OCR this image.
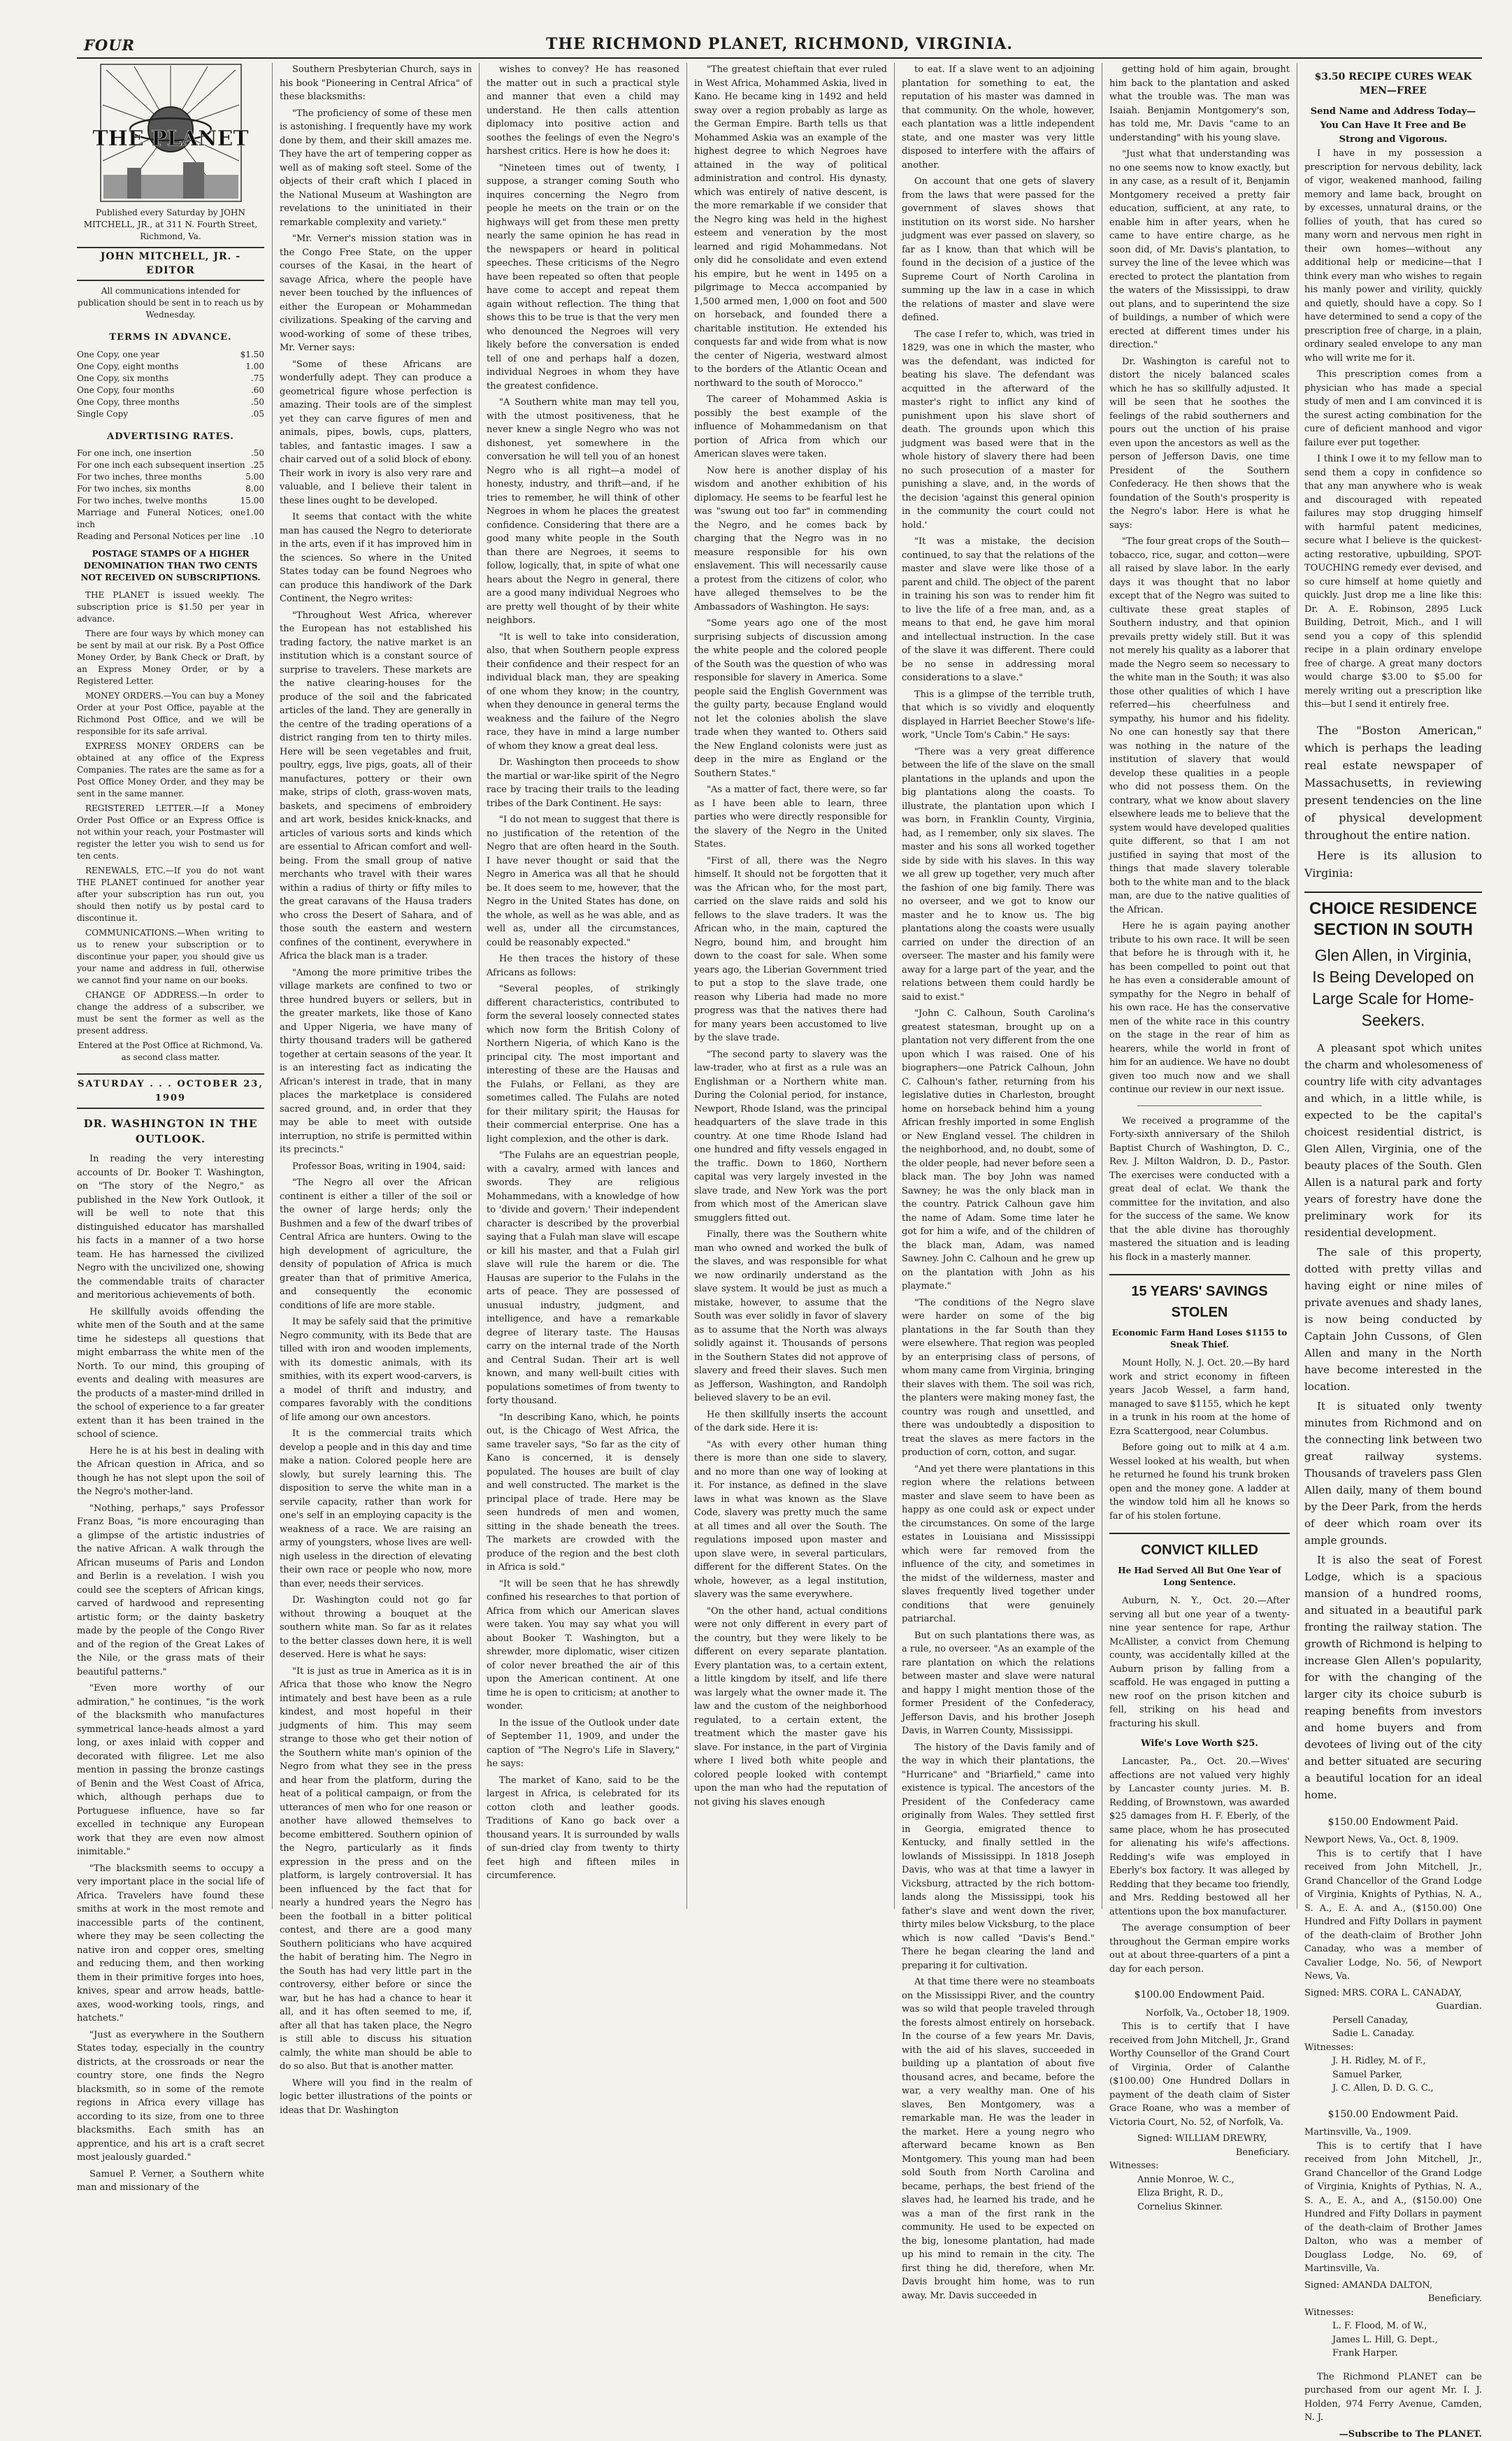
FOUR	THE RICHMOND PLANET, RICHMOND, VIRGINIA.
THE PLANET
Published every Saturday by JOHN MITCHELL, JR., at 311 N. Fourth Street, Richmond, Va.
JOHN MITCHELL, JR. - EDITOR
All communications intended for publication should be sent in to reach us by Wednesday.
TERMS IN ADVANCE.
One Copy, one year	$1.50
One Copy, eight months	1.00
One Copy, six months	.75
One Copy, four months	.60
One Copy, three months	.50
Single Copy	.05
ADVERTISING RATES.
For one inch, one insertion	.50
For one inch each subsequent insertion .25
For two inches, three months	5.00
For two inches, six months	8.00
For two inches, twelve months	15.00
Marriage and Funeral Notices, one inch
1.00
Reading and Personal Notices per line .10
POSTAGE STAMPS OF A HIGHER DENOMINATION THAN TWO CENTS NOT RECEIVED ON SUBSCRIPTIONS.

THE PLANET is issued weekly. The subscription price is $1.50 per year in advance.

There are four ways by which money can be sent by mail at our risk. By a Post Office Money Order, by Bank Check or Draft, by an Express Money Order, or by a Registered Letter.

MONEY ORDERS.—You can buy a Money Order at your Post Office, payable at the Richmond Post Office, and we will be responsible for its safe arrival.

EXPRESS MONEY ORDERS can be obtained at any office of the Express Companies. The rates are the same as for a Post Office Money Order, and they may be sent in the same manner.

REGISTERED LETTER.—If a Money Order Post Office or an Express Office is not within your reach, your Postmaster will register the letter you wish to send us for ten cents.

RENEWALS, ETC.—If you do not want THE PLANET continued for another year after your subscription has run out, you should then notify us by postal card to discontinue it.

COMMUNICATIONS.—When writing to us to renew your subscription or to discontinue your paper, you should give us your name and address in full, otherwise we cannot find your name on our books.

CHANGE OF ADDRESS.—In order to change the address of a subscriber, we must be sent the former as well as the present address.

Entered at the Post Office at Richmond, Va. as second class matter.
SATURDAY . . . OCTOBER 23, 1909
DR. WASHINGTON IN THE OUTLOOK.

In reading the very interesting accounts of Dr. Booker T. Washington, on "The story of the Negro," as published in the New York Outlook, it will be well to note that this distinguished educator has marshalled his facts in a manner of a two horse team. He has harnessed the civilized Negro with the uncivilized one, showing the commendable traits of character and meritorious achievements of both.

He skillfully avoids offending the white men of the South and at the same time he sidesteps all questions that might embarrass the white men of the North. To our mind, this grouping of events and dealing with measures are the products of a master-mind drilled in the school of experience to a far greater extent than it has been trained in the school of science.

Here he is at his best in dealing with the African question in Africa, and so though he has not slept upon the soil of the Negro's mother-land.

"Nothing, perhaps," says Professor Franz Boas, "is more encouraging than a glimpse of the artistic industries of the native African. A walk through the African museums of Paris and London and Berlin is a revelation. I wish you could see the scepters of African kings, carved of hardwood and representing artistic form; or the dainty basketry made by the people of the Congo River and of the region of the Great Lakes of the Nile, or the grass mats of their beautiful patterns."

"Even more worthy of our admiration," he continues, "is the work of the blacksmith who manufactures symmetrical lance-heads almost a yard long, or axes inlaid with copper and decorated with filigree. Let me also mention in passing the bronze castings of Benin and the West Coast of Africa, which, although perhaps due to Portuguese influence, have so far excelled in technique any European work that they are even now almost inimitable."

"The blacksmith seems to occupy a very important place in the social life of Africa. Travelers have found these smiths at work in the most remote and inaccessible parts of the continent, where they may be seen collecting the native iron and copper ores, smelting and reducing them, and then working them in their primitive forges into hoes, knives, spear and arrow heads, battle-axes, wood-working tools, rings, and hatchets."

"Just as everywhere in the Southern States today, especially in the country districts, at the crossroads or near the country store, one finds the Negro blacksmith, so in some of the remote regions in Africa every village has according to its size, from one to three blacksmiths. Each smith has an apprentice, and his art is a craft secret most jealously guarded."

Samuel P. Verner, a Southern white man and missionary of the

Southern Presbyterian Church, says in his book "Pioneering in Central Africa" of these blacksmiths:

"The proficiency of some of these men is astonishing. I frequently have my work done by them, and their skill amazes me. They have the art of tempering copper as well as of making soft steel. Some of the objects of their craft which I placed in the National Museum at Washington are revelations to the uninitiated in their remarkable complexity and variety."

"Mr. Verner's mission station was in the Congo Free State, on the upper courses of the Kasai, in the heart of savage Africa, where the people have never been touched by the influences of either the European or Mohammedan civilizations. Speaking of the carving and wood-working of some of these tribes, Mr. Verner says:

"Some of these Africans are wonderfully adept. They can produce a geometrical figure whose perfection is amazing. Their tools are of the simplest yet they can carve figures of men and animals, pipes, bowls, cups, platters, tables, and fantastic images. I saw a chair carved out of a solid block of ebony. Their work in ivory is also very rare and valuable, and I believe their talent in these lines ought to be developed.

It seems that contact with the white man has caused the Negro to deteriorate in the arts, even if it has improved him in the sciences. So where in the United States today can be found Negroes who can produce this handiwork of the Dark Continent, the Negro writes:

"Throughout West Africa, wherever the European has not established his trading factory, the native market is an institution which is a constant source of surprise to travelers. These markets are the native clearing-houses for the produce of the soil and the fabricated articles of the land. They are generally in the centre of the trading operations of a district ranging from ten to thirty miles. Here will be seen vegetables and fruit, poultry, eggs, live pigs, goats, all of their manufactures, pottery or their own make, strips of cloth, grass-woven mats, baskets, and specimens of embroidery and art work, besides knick-knacks, and articles of various sorts and kinds which are essential to African comfort and well-being. From the small group of native merchants who travel with their wares within a radius of thirty or fifty miles to the great caravans of the Hausa traders who cross the Desert of Sahara, and of those south the eastern and western confines of the continent, everywhere in Africa the black man is a trader.

"Among the more primitive tribes the village markets are confined to two or three hundred buyers or sellers, but in the greater markets, like those of Kano and Upper Nigeria, we have many of thirty thousand traders will be gathered together at certain seasons of the year. It is an interesting fact as indicating the African's interest in trade, that in many places the marketplace is considered sacred ground, and, in order that they may be able to meet with outside interruption, no strife is permitted within its precincts."

Professor Boas, writing in 1904, said:

"The Negro all over the African continent is either a tiller of the soil or the owner of large herds; only the Bushmen and a few of the dwarf tribes of Central Africa are hunters. Owing to the high development of agriculture, the density of population of Africa is much greater than that of primitive America, and consequently the economic conditions of life are more stable.

It may be safely said that the primitive Negro community, with its Bede that are tilled with iron and wooden implements, with its domestic animals, with its smithies, with its expert wood-carvers, is a model of thrift and industry, and compares favorably with the conditions of life among our own ancestors.

It is the commercial traits which develop a people and in this day and time make a nation. Colored people here are slowly, but surely learning this. The disposition to serve the white man in a servile capacity, rather than work for one's self in an employing capacity is the weakness of a race. We are raising an army of youngsters, whose lives are well-nigh useless in the direction of elevating their own race or people who now, more than ever, needs their services.

Dr. Washington could not go far without throwing a bouquet at the southern white man. So far as it relates to the better classes down here, it is well deserved. Here is what he says:

"It is just as true in America as it is in Africa that those who know the Negro intimately and best have been as a rule kindest, and most hopeful in their judgments of him. This may seem strange to those who get their notion of the Southern white man's opinion of the Negro from what they see in the press and hear from the platform, during the heat of a political campaign, or from the utterances of men who for one reason or another have allowed themselves to become embittered. Southern opinion of the Negro, particularly as it finds expression in the press and on the platform, is largely controversial. It has been influenced by the fact that for nearly a hundred years the Negro has been the football in a bitter political contest, and there are a good many Southern politicians who have acquired the habit of berating him. The Negro in the South has had very little part in the controversy, either before or since the war, but he has had a chance to hear it all, and it has often seemed to me, if, after all that has taken place, the Negro is still able to discuss his situation calmly, the white man should be able to do so also. But that is another matter.

Where will you find in the realm of logic better illustrations of the points or ideas that Dr. Washington

wishes to convey? He has reasoned the matter out in such a practical style and manner that even a child may understand. He then calls attention diplomacy into positive action and soothes the feelings of even the Negro's harshest critics. Here is how he does it:

"Nineteen times out of twenty, I suppose, a stranger coming South who inquires concerning the Negro from people he meets on the train or on the highways will get from these men pretty nearly the same opinion he has read in the newspapers or heard in political speeches. These criticisms of the Negro have been repeated so often that people have come to accept and repeat them again without reflection. The thing that shows this to be true is that the very men who denounced the Negroes will very likely before the conversation is ended tell of one and perhaps half a dozen, individual Negroes in whom they have the greatest confidence.

"A Southern white man may tell you, with the utmost positiveness, that he never knew a single Negro who was not dishonest, yet somewhere in the conversation he will tell you of an honest Negro who is all right—a model of honesty, industry, and thrift—and, if he tries to remember, he will think of other Negroes in whom he places the greatest confidence. Considering that there are a good many white people in the South than there are Negroes, it seems to follow, logically, that, in spite of what one hears about the Negro in general, there are a good many individual Negroes who are pretty well thought of by their white neighbors.

"It is well to take into consideration, also, that when Southern people express their confidence and their respect for an individual black man, they are speaking of one whom they know; in the country, when they denounce in general terms the weakness and the failure of the Negro race, they have in mind a large number of whom they know a great deal less.

Dr. Washington then proceeds to show the martial or war-like spirit of the Negro race by tracing their trails to the leading tribes of the Dark Continent. He says:

"I do not mean to suggest that there is no justification of the retention of the Negro that are often heard in the South. I have never thought or said that the Negro in America was all that he should be. It does seem to me, however, that the Negro in the United States has done, on the whole, as well as he was able, and as well as, under all the circumstances, could be reasonably expected."

He then traces the history of these Africans as follows:

"Several peoples, of strikingly different characteristics, contributed to form the several loosely connected states which now form the British Colony of Northern Nigeria, of which Kano is the principal city. The most important and interesting of these are the Hausas and the Fulahs, or Fellani, as they are sometimes called. The Fulahs are noted for their military spirit; the Hausas for their commercial enterprise. One has a light complexion, and the other is dark.

"The Fulahs are an equestrian people, with a cavalry, armed with lances and swords. They are religious Mohammedans, with a knowledge of how to 'divide and govern.' Their independent character is described by the proverbial saying that a Fulah man slave will escape or kill his master, and that a Fulah girl slave will rule the harem or die. The Hausas are superior to the Fulahs in the arts of peace. They are possessed of unusual industry, judgment, and intelligence, and have a remarkable degree of literary taste. The Hausas carry on the internal trade of the North and Central Sudan. Their art is well known, and many well-built cities with populations sometimes of from twenty to forty thousand.

"In describing Kano, which, he points out, is the Chicago of West Africa, the same traveler says, "So far as the city of Kano is concerned, it is densely populated. The houses are built of clay and well constructed. The market is the principal place of trade. Here may be seen hundreds of men and women, sitting in the shade beneath the trees. The markets are crowded with the produce of the region and the best cloth in Africa is sold."

"It will be seen that he has shrewdly confined his researches to that portion of Africa from which our American slaves were taken. You may say what you will about Booker T. Washington, but a shrewder, more diplomatic, wiser citizen of color never breathed the air of this upon the American continent. At one time he is open to criticism; at another to wonder.

In the issue of the Outlook under date of September 11, 1909, and under the caption of "The Negro's Life in Slavery," he says:

The market of Kano, said to be the largest in Africa, is celebrated for its cotton cloth and leather goods. Traditions of Kano go back over a thousand years. It is surrounded by walls of sun-dried clay from twenty to thirty feet high and fifteen miles in circumference.

"The greatest chieftain that ever ruled in West Africa, Mohammed Askia, lived in Kano. He became king in 1492 and held sway over a region probably as large as the German Empire. Barth tells us that Mohammed Askia was an example of the highest degree to which Negroes have attained in the way of political administration and control. His dynasty, which was entirely of native descent, is the more remarkable if we consider that the Negro king was held in the highest esteem and veneration by the most learned and rigid Mohammedans. Not only did he consolidate and even extend his empire, but he went in 1495 on a pilgrimage to Mecca accompanied by 1,500 armed men, 1,000 on foot and 500 on horseback, and founded there a charitable institution. He extended his conquests far and wide from what is now the center of Nigeria, westward almost to the borders of the Atlantic Ocean and northward to the south of Morocco."

The career of Mohammed Askia is possibly the best example of the influence of Mohammedanism on that portion of Africa from which our American slaves were taken.

Now here is another display of his wisdom and another exhibition of his diplomacy. He seems to be fearful lest he was "swung out too far" in commending the Negro, and he comes back by charging that the Negro was in no measure responsible for his own enslavement. This will necessarily cause a protest from the citizens of color, who have alleged themselves to be the Ambassadors of Washington. He says:

"Some years ago one of the most surprising subjects of discussion among the white people and the colored people of the South was the question of who was responsible for slavery in America. Some people said the English Government was the guilty party, because England would not let the colonies abolish the slave trade when they wanted to. Others said the New England colonists were just as deep in the mire as England or the Southern States."

"As a matter of fact, there were, so far as I have been able to learn, three parties who were directly responsible for the slavery of the Negro in the United States.

"First of all, there was the Negro himself. It should not be forgotten that it was the African who, for the most part, carried on the slave raids and sold his fellows to the slave traders. It was the African who, in the main, captured the Negro, bound him, and brought him down to the coast for sale. When some years ago, the Liberian Government tried to put a stop to the slave trade, one reason why Liberia had made no more progress was that the natives there had for many years been accustomed to live by the slave trade.

"The second party to slavery was the law-trader, who at first as a rule was an Englishman or a Northern white man. During the Colonial period, for instance, Newport, Rhode Island, was the principal headquarters of the slave trade in this country. At one time Rhode Island had one hundred and fifty vessels engaged in the traffic. Down to 1860, Northern capital was very largely invested in the slave trade, and New York was the port from which most of the American slave smugglers fitted out.

Finally, there was the Southern white man who owned and worked the bulk of the slaves, and was responsible for what we now ordinarily understand as the slave system. It would be just as much a mistake, however, to assume that the South was ever solidly in favor of slavery as to assume that the North was always solidly against it. Thousands of persons in the Southern States did not approve of slavery and freed their slaves. Such men as Jefferson, Washington, and Randolph believed slavery to be an evil.

He then skillfully inserts the account of the dark side. Here it is:

"As with every other human thing there is more than one side to slavery, and no more than one way of looking at it. For instance, as defined in the slave laws in what was known as the Slave Code, slavery was pretty much the same at all times and all over the South. The regulations imposed upon master and upon slave were, in several particulars, different for the different States. On the whole, however, as a legal institution, slavery was the same everywhere.

"On the other hand, actual conditions were not only different in every part of the country, but they were likely to be different on every separate plantation. Every plantation was, to a certain extent, a little kingdom by itself, and life there was largely what the owner made it. The law and the custom of the neighborhood regulated, to a certain extent, the treatment which the master gave his slave. For instance, in the part of Virginia where I lived both white people and colored people looked with contempt upon the man who had the reputation of not giving his slaves enough

to eat. If a slave went to an adjoining plantation for something to eat, the reputation of his master was damned in that community. On the whole, however, each plantation was a little independent state, and one master was very little disposed to interfere with the affairs of another.

On account that one gets of slavery from the laws that were passed for the government of slaves shows that institution on its worst side. No harsher judgment was ever passed on slavery, so far as I know, than that which will be found in the decision of a justice of the Supreme Court of North Carolina in summing up the law in a case in which the relations of master and slave were defined.

The case I refer to, which, was tried in 1829, was one in which the master, who was the defendant, was indicted for beating his slave. The defendant was acquitted in the afterward of the master's right to inflict any kind of punishment upon his slave short of death. The grounds upon which this judgment was based were that in the whole history of slavery there had been no such prosecution of a master for punishing a slave, and, in the words of the decision 'against this general opinion in the community the court could not hold.'

"It was a mistake, the decision continued, to say that the relations of the master and slave were like those of a parent and child. The object of the parent in training his son was to render him fit to live the life of a free man, and, as a means to that end, he gave him moral and intellectual instruction. In the case of the slave it was different. There could be no sense in addressing moral considerations to a slave."

This is a glimpse of the terrible truth, that which is so vividly and eloquently displayed in Harriet Beecher Stowe's life-work, "Uncle Tom's Cabin." He says:

"There was a very great difference between the life of the slave on the small plantations in the uplands and upon the big plantations along the coasts. To illustrate, the plantation upon which I was born, in Franklin County, Virginia, had, as I remember, only six slaves. The master and his sons all worked together side by side with his slaves. In this way we all grew up together, very much after the fashion of one big family. There was no overseer, and we got to know our master and he to know us. The big plantations along the coasts were usually carried on under the direction of an overseer. The master and his family were away for a large part of the year, and the relations between them could hardly be said to exist."

"John C. Calhoun, South Carolina's greatest statesman, brought up on a plantation not very different from the one upon which I was raised. One of his biographers—one Patrick Calhoun, John C. Calhoun's father, returning from his legislative duties in Charleston, brought home on horseback behind him a young African freshly imported in some English or New England vessel. The children in the neighborhood, and, no doubt, some of the older people, had never before seen a black man. The boy John was named Sawney; he was the only black man in the country. Patrick Calhoun gave him the name of Adam. Some time later he got for him a wife, and of the children of the black man, Adam, was named Sawney. John C. Calhoun and he grew up on the plantation with John as his playmate."

"The conditions of the Negro slave were harder on some of the big plantations in the far South than they were elsewhere. That region was peopled by an enterprising class of persons, of whom many came from Virginia, bringing their slaves with them. The soil was rich, the planters were making money fast, the country was rough and unsettled, and there was undoubtedly a disposition to treat the slaves as mere factors in the production of corn, cotton, and sugar.

"And yet there were plantations in this region where the relations between master and slave seem to have been as happy as one could ask or expect under the circumstances. On some of the large estates in Louisiana and Mississippi which were far removed from the influence of the city, and sometimes in the midst of the wilderness, master and slaves frequently lived together under conditions that were genuinely patriarchal.

But on such plantations there was, as a rule, no overseer. "As an example of the rare plantation on which the relations between master and slave were natural and happy I might mention those of the former President of the Confederacy, Jefferson Davis, and his brother Joseph Davis, in Warren County, Mississippi.

The history of the Davis family and of the way in which their plantations, the "Hurricane" and "Briarfield," came into existence is typical. The ancestors of the President of the Confederacy came originally from Wales. They settled first in Georgia, emigrated thence to Kentucky, and finally settled in the lowlands of Mississippi. In 1818 Joseph Davis, who was at that time a lawyer in Vicksburg, attracted by the rich bottom-lands along the Mississippi, took his father's slave and went down the river, thirty miles below Vicksburg, to the place which is now called "Davis's Bend." There he began clearing the land and preparing it for cultivation.

At that time there were no steamboats on the Mississippi River, and the country was so wild that people traveled through the forests almost entirely on horseback. In the course of a few years Mr. Davis, with the aid of his slaves, succeeded in building up a plantation of about five thousand acres, and became, before the war, a very wealthy man. One of his slaves, Ben Montgomery, was a remarkable man. He was the leader in the market. Here a young negro who afterward became known as Ben Montgomery. This young man had been sold South from North Carolina and became, perhaps, the best friend of the slaves had, he learned his trade, and he was a man of the first rank in the community. He used to be expected on the big, lonesome plantation, had made up his mind to remain in the city. The first thing he did, therefore, when Mr. Davis brought him home, was to run away. Mr. Davis succeeded in

getting hold of him again, brought him back to the plantation and asked what the trouble was. The man was Isaiah. Benjamin Montgomery's son, has told me, Mr. Davis "came to an understanding" with his young slave.

"Just what that understanding was no one seems now to know exactly, but in any case, as a result of it, Benjamin Montgomery received a pretty fair education, sufficient, at any rate, to enable him in after years, when he came to have entire charge, as he soon did, of Mr. Davis's plantation, to survey the line of the levee which was erected to protect the plantation from the waters of the Mississippi, to draw out plans, and to superintend the size of buildings, a number of which were erected at different times under his direction."

Dr. Washington is careful not to distort the nicely balanced scales which he has so skillfully adjusted. It will be seen that he soothes the feelings of the rabid southerners and pours out the unction of his praise even upon the ancestors as well as the person of Jefferson Davis, one time President of the Southern Confederacy. He then shows that the foundation of the South's prosperity is the Negro's labor. Here is what he says:

"The four great crops of the South—tobacco, rice, sugar, and cotton—were all raised by slave labor. In the early days it was thought that no labor except that of the Negro was suited to cultivate these great staples of Southern industry, and that opinion prevails pretty widely still. But it was not merely his quality as a laborer that made the Negro seem so necessary to the white man in the South; it was also those other qualities of which I have referred—his cheerfulness and sympathy, his humor and his fidelity. No one can honestly say that there was nothing in the nature of the institution of slavery that would develop these qualities in a people who did not possess them. On the contrary, what we know about slavery elsewhere leads me to believe that the system would have developed qualities quite different, so that I am not justified in saying that most of the things that made slavery tolerable both to the white man and to the black man, are due to the native qualities of the African.

Here he is again paying another tribute to his own race. It will be seen that before he is through with it, he has been compelled to point out that he has even a considerable amount of sympathy for the Negro in behalf of his own race. He has the conservative men of the white race in this country on the stage in the rear of him as hearers, while the world in front of him for an audience. We have no doubt given too much now and we shall continue our review in our next issue.

We received a programme of the Forty-sixth anniversary of the Shiloh Baptist Church of Washington, D. C., Rev. J. Milton Waldron, D. D., Pastor. The exercises were conducted with a great deal of eclat. We thank the committee for the invitation, and also for the success of the same. We know that the able divine has thoroughly mastered the situation and is leading his flock in a masterly manner.

15 YEARS' SAVINGS STOLEN
Economic Farm Hand Loses $1155 to Sneak Thief.

Mount Holly, N. J. Oct. 20.—By hard work and strict economy in fifteen years Jacob Wessel, a farm hand, managed to save $1155, which he kept in a trunk in his room at the home of Ezra Scattergood, near Columbus.

Before going out to milk at 4 a.m. Wessel looked at his wealth, but when he returned he found his trunk broken open and the money gone. A ladder at the window told him all he knows so far of his stolen fortune.

CONVICT KILLED
He Had Served All But One Year of Long Sentence.

Auburn, N. Y., Oct. 20.—After serving all but one year of a twenty-nine year sentence for rape, Arthur McAllister, a convict from Chemung county, was accidentally killed at the Auburn prison by falling from a scaffold. He was engaged in putting a new roof on the prison kitchen and fell, striking on his head and fracturing his skull.

Wife's Love Worth $25.

Lancaster, Pa., Oct. 20.—Wives' affections are not valued very highly by Lancaster county juries. M. B. Redding, of Brownstown, was awarded $25 damages from H. F. Eberly, of the same place, whom he has prosecuted for alienating his wife's affections. Redding's wife was employed in Eberly's box factory. It was alleged by Redding that they became too friendly, and Mrs. Redding bestowed all her attentions upon the box manufacturer.

The average consumption of beer throughout the German empire works out at about three-quarters of a pint a day for each person.

$100.00 Endowment Paid.
Norfolk, Va., October 18, 1909.

This is to certify that I have received from John Mitchell, Jr., Grand Worthy Counsellor of the Grand Court of Virginia, Order of Calanthe ($100.00) One Hundred Dollars in payment of the death claim of Sister Grace Roane, who was a member of Victoria Court, No. 52, of Norfolk, Va.

Signed: WILLIAM DREWRY,
Beneficiary.
Witnesses:
Annie Monroe, W. C.,
Eliza Bright, R. D.,
Cornelius Skinner.
$3.50 RECIPE CURES WEAK MEN—FREE
Send Name and Address Today— You Can Have It Free and Be Strong and Vigorous.

I have in my possession a prescription for nervous debility, lack of vigor, weakened manhood, failing memory and lame back, brought on by excesses, unnatural drains, or the follies of youth, that has cured so many worn and nervous men right in their own homes—without any additional help or medicine—that I think every man who wishes to regain his manly power and virility, quickly and quietly, should have a copy. So I have determined to send a copy of the prescription free of charge, in a plain, ordinary sealed envelope to any man who will write me for it.

This prescription comes from a physician who has made a special study of men and I am convinced it is the surest acting combination for the cure of deficient manhood and vigor failure ever put together.

I think I owe it to my fellow man to send them a copy in confidence so that any man anywhere who is weak and discouraged with repeated failures may stop drugging himself with harmful patent medicines, secure what I believe is the quickest-acting restorative, upbuilding, SPOT-TOUCHING remedy ever devised, and so cure himself at home quietly and quickly. Just drop me a line like this: Dr. A. E. Robinson, 2895 Luck Building, Detroit, Mich., and I will send you a copy of this splendid recipe in a plain ordinary envelope free of charge. A great many doctors would charge $3.00 to $5.00 for merely writing out a prescription like this—but I send it entirely free.

The "Boston American," which is perhaps the leading real estate newspaper of Massachusetts, in reviewing present tendencies on the line of physical development throughout the entire nation.

Here is its allusion to Virginia:

CHOICE RESIDENCE SECTION IN SOUTH
Glen Allen, in Virginia, Is Being Developed on Large Scale for Home-Seekers.

A pleasant spot which unites the charm and wholesomeness of country life with city advantages and which, in a little while, is expected to be the capital's choicest residential district, is Glen Allen, Virginia, one of the beauty places of the South. Glen Allen is a natural park and forty years of forestry have done the preliminary work for its residential development.

The sale of this property, dotted with pretty villas and having eight or nine miles of private avenues and shady lanes, is now being conducted by Captain John Cussons, of Glen Allen and many in the North have become interested in the location.

It is situated only twenty minutes from Richmond and on the connecting link between two great railway systems. Thousands of travelers pass Glen Allen daily, many of them bound by the Deer Park, from the herds of deer which roam over its ample grounds.

It is also the seat of Forest Lodge, which is a spacious mansion of a hundred rooms, and situated in a beautiful park fronting the railway station. The growth of Richmond is helping to increase Glen Allen's popularity, for with the changing of the larger city its choice suburb is reaping benefits from investors and home buyers and from devotees of living out of the city and better situated are securing a beautiful location for an ideal home.

$150.00 Endowment Paid.
Newport News, Va., Oct. 8, 1909.

This is to certify that I have received from John Mitchell, Jr., Grand Chancellor of the Grand Lodge of Virginia, Knights of Pythias, N. A., S. A., E. A. and A., ($150.00) One Hundred and Fifty Dollars in payment of the death-claim of Brother John Canaday, who was a member of Cavalier Lodge, No. 56, of Newport News, Va.

Signed: MRS. CORA L. CANADAY,
Guardian.
Persell Canaday,
Sadie L. Canaday.
Witnesses:
J. H. Ridley, M. of F.,
Samuel Parker,
J. C. Allen, D. D. G. C.,
$150.00 Endowment Paid.
Martinsville, Va., 1909.

This is to certify that I have received from John Mitchell, Jr., Grand Chancellor of the Grand Lodge of Virginia, Knights of Pythias, N. A., S. A., E. A., and A., ($150.00) One Hundred and Fifty Dollars in payment of the death-claim of Brother James Dalton, who was a member of Douglass Lodge, No. 69, of Martinsville, Va.

Signed: AMANDA DALTON,
Beneficiary.
Witnesses:
L. F. Flood, M. of W.,
James L. Hill, G. Dept.,
Frank Harper.

The Richmond PLANET can be purchased from our agent Mr. I. J. Holden, 974 Ferry Avenue, Camden, N. J.

—Subscribe to The PLANET.
